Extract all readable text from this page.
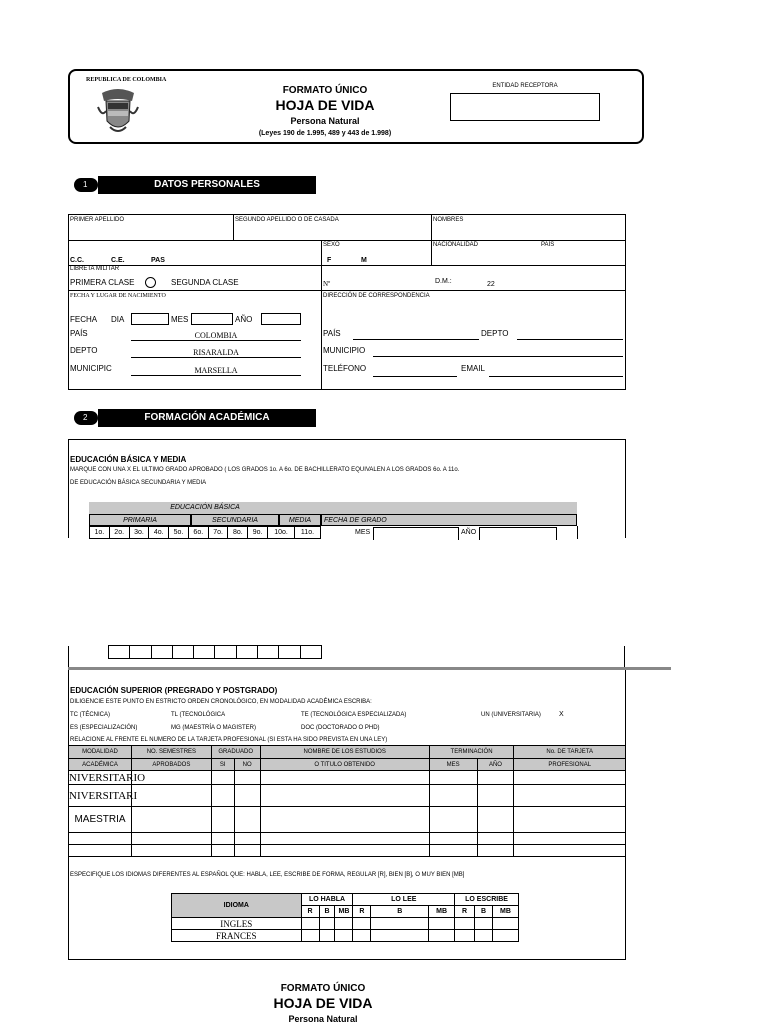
REPUBLICA DE COLOMBIA
FORMATO ÚNICO
HOJA DE VIDA
Persona Natural
(Leyes 190 de 1.995, 489 y 443 de 1.998)
ENTIDAD RECEPTORA
1	DATOS PERSONALES
PRIMER APELLIDO	SEGUNDO APELLIDO O DE CASADA	NOMBRES
C.C.	C.E.	PAS
SEXO
F	M
NACIONALIDAD	PAÍS
LIBRETA MILITAR
PRIMERA CLASE	SEGUNDA CLASE	Nº	D.M.:	22
FECHA Y LUGAR DE NACIMIENTO	DIRECCIÓN DE CORRESPONDENCIA
FECHA DIA	MES	AÑO
PAÍS	COLOMBIA
DEPTO	RISARALDA
MUNICIPIC	MARSELLA
PAÍS	DEPTO
MUNICIPIO
TELÉFONO	EMAIL
2	FORMACIÓN ACADÉMICA
EDUCACIÓN BÁSICA Y MEDIA
MARQUE CON UNA X EL ULTIMO GRADO APROBADO ( LOS GRADOS 1o. A 6o. DE BACHILLERATO EQUIVALEN A LOS GRADOS 6o. A 11o.
DE EDUCACIÓN BÁSICA SECUNDARIA Y MEDIA
EDUCACIÓN BÁSICA
PRIMARIA	SECUNDARIA	MEDIA	FECHA DE GRADO
1o.	2o.	3o.	4o.	5o.	6o.	7o.	8o.	9o.	10o.	11o.	MES	AÑO
EDUCACIÓN SUPERIOR (PREGRADO Y POSTGRADO)
DILIGENCIE ESTE PUNTO EN ESTRICTO ORDEN CRONOLÓGICO, EN MODALIDAD ACADÉMICA ESCRIBA:
TC (TÉCNICA)	TL (TECNOLÓGICA	TE (TECNOLÓGICA ESPECIALIZADA)	UN (UNIVERSITARIA)	X
ES (ESPECIALIZACIÓN)	MG (MAESTRÍA O MAGISTER)	DOC (DOCTORADO O PHD)
RELACIONE AL FRENTE EL NUMERO DE LA TARJETA PROFESIONAL (SI ESTA HA SIDO PREVISTA EN UNA LEY)
MODALIDAD	NO. SEMESTRES	GRADUADO		NOMBRE DE LOS ESTUDIOS	TERMINACIÓN		No. DE TARJETA
ACADÉMICA	APROBADOS	SI	NO	O TITULO OBTENIDO	MES	AÑO	PROFESIONAL
NIVERSITARIO							
NIVERSITARI							
MAESTRIA							

ESPECIFIQUE LOS IDIOMAS DIFERENTES AL ESPAÑOL QUE: HABLA, LEE, ESCRIBE DE FORMA, REGULAR [R], BIEN [B], O MUY BIEN [MB]
IDIOMA	LO HABLA			LO LEE			LO ESCRIBE		
	R	B	MB	R	B	MB	R	B	MB
INGLES									
FRANCES									
FORMATO ÚNICO
HOJA DE VIDA
Persona Natural
